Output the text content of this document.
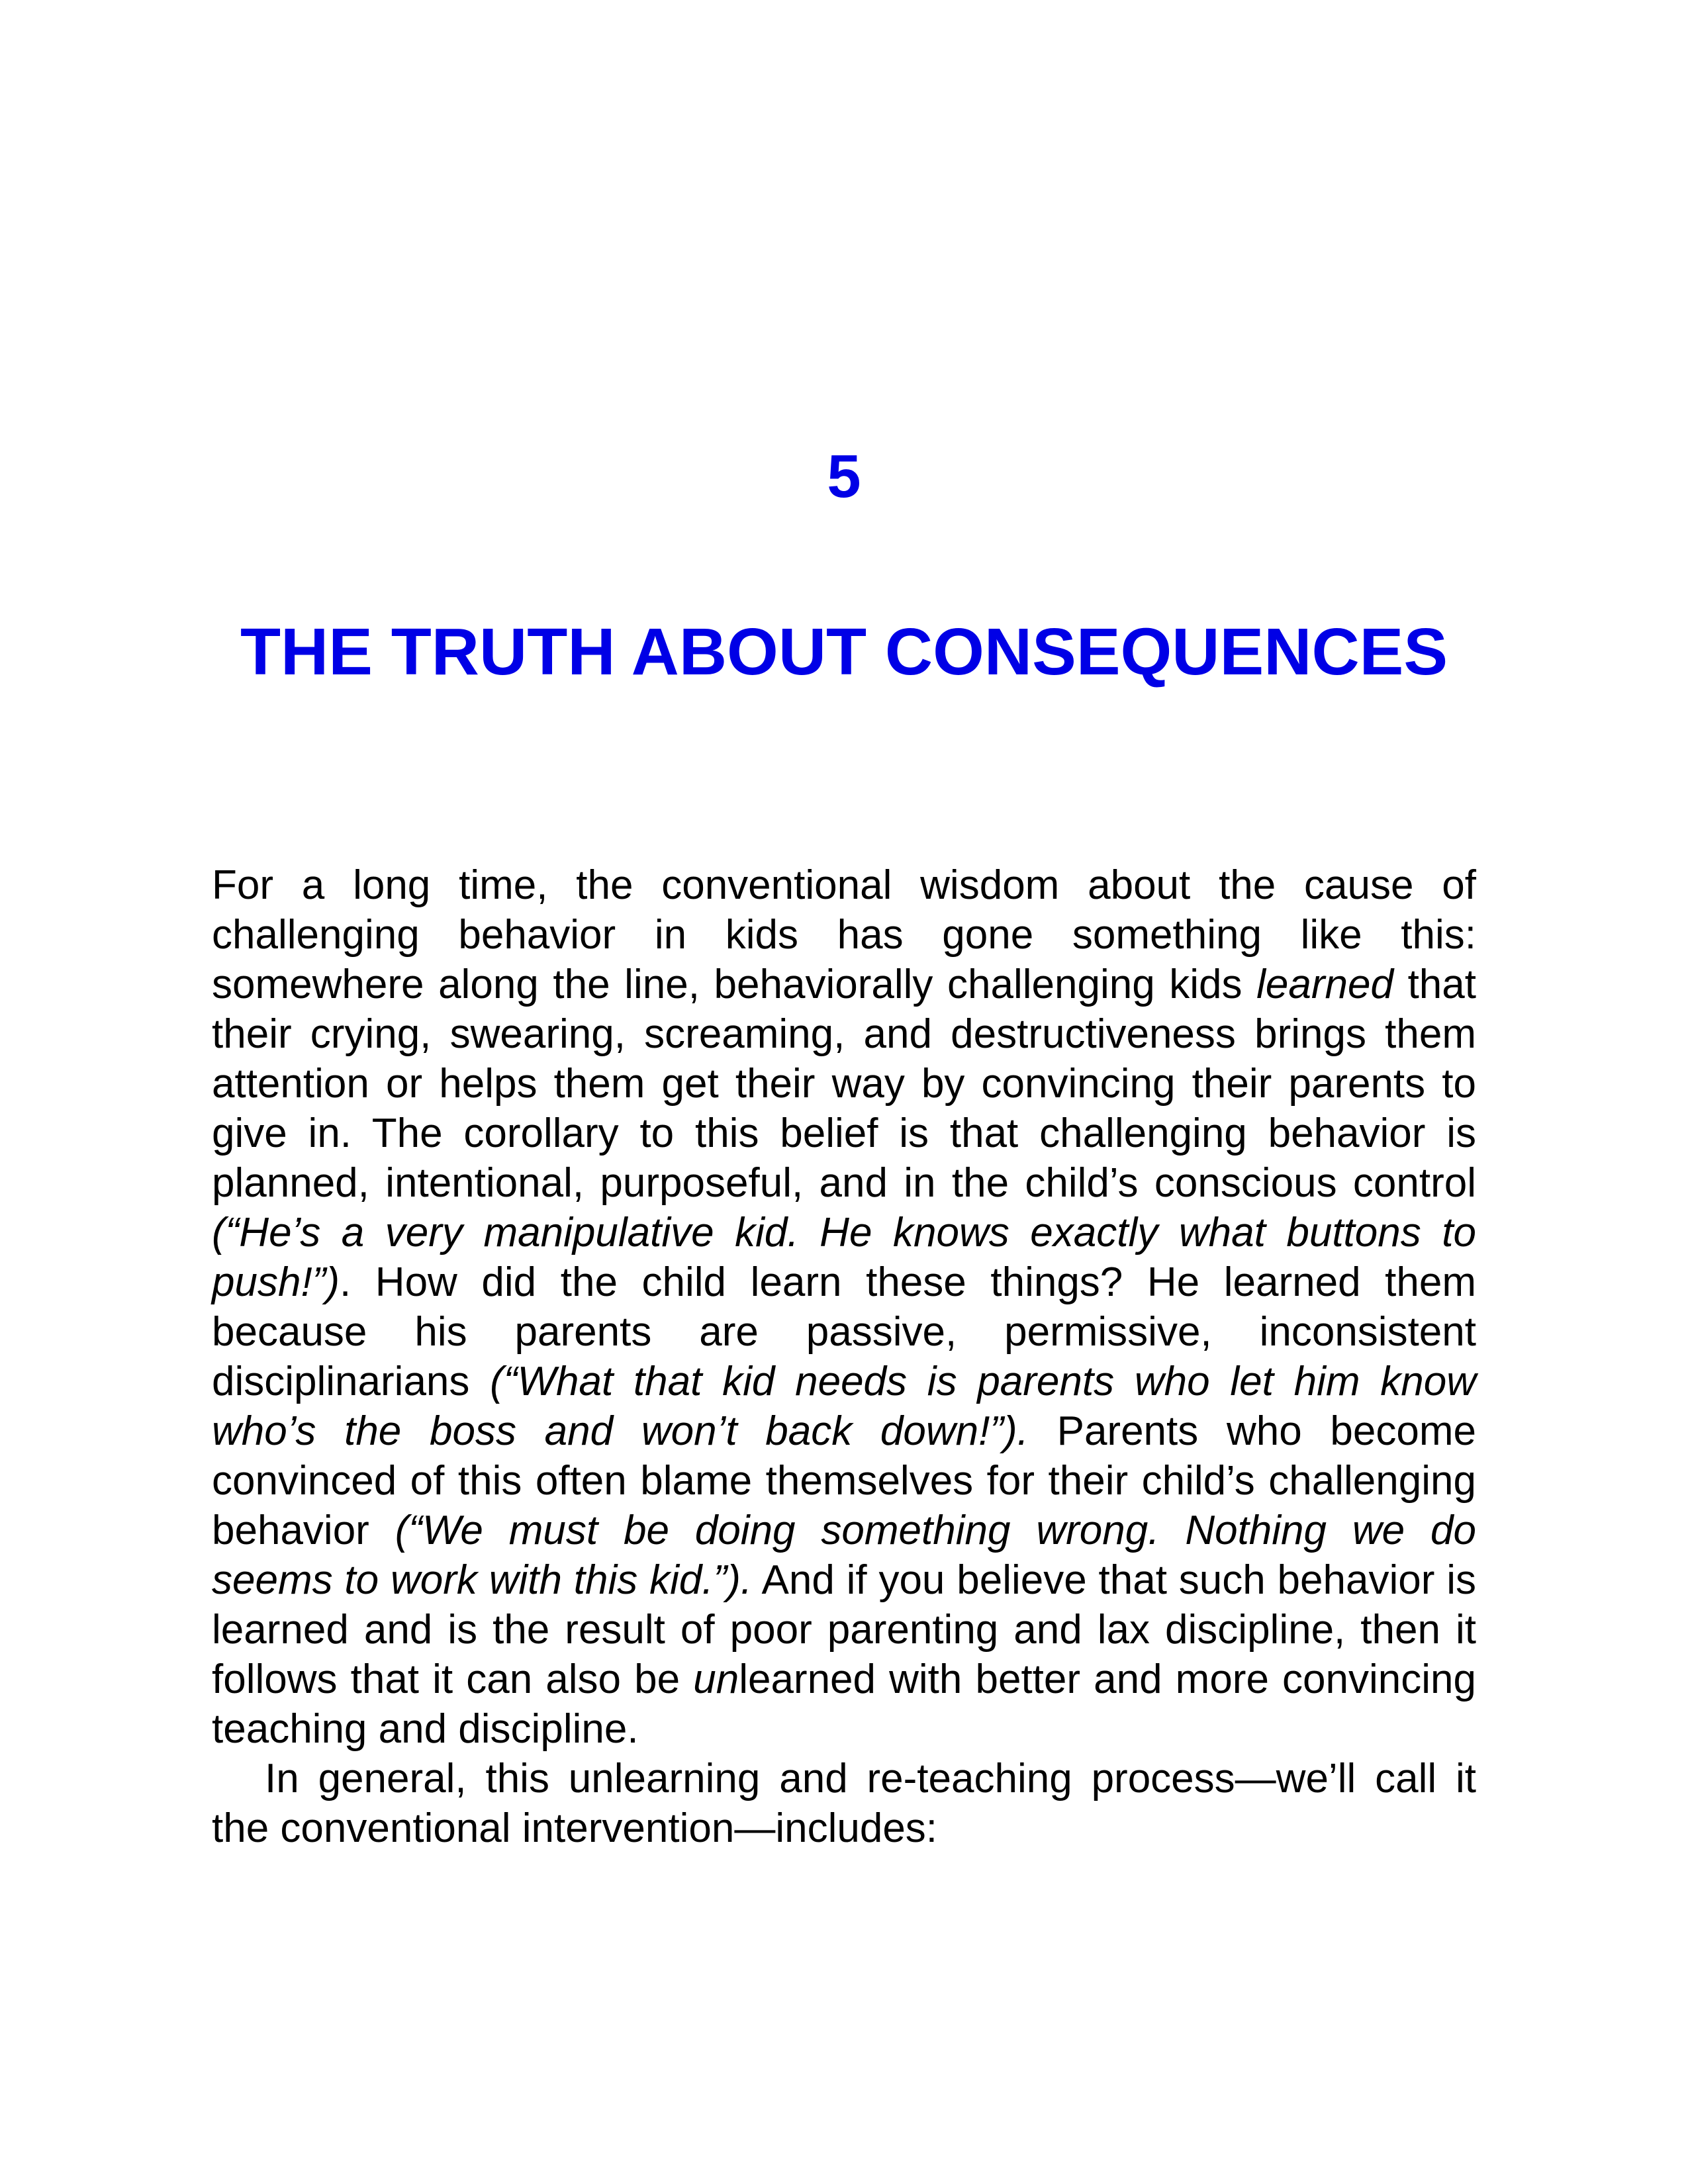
5
THE TRUTH ABOUT CONSEQUENCES

For a long time, the conventional wisdom about the cause of challenging behavior in kids has gone something like this: somewhere along the line, behaviorally challenging kids learned that their crying, swearing, screaming, and destructiveness brings them attention or helps them get their way by convincing their parents to give in. The corollary to this belief is that challenging behavior is planned, intentional, purposeful, and in the child’s conscious control (“He’s a very manipulative kid. He knows exactly what buttons to push!”). How did the child learn these things? He learned them because his parents are passive, permissive, inconsistent disciplinarians (“What that kid needs is parents who let him know who’s the boss and won’t back down!”). Parents who become convinced of this often blame themselves for their child’s challenging behavior (“We must be doing something wrong. Nothing we do seems to work with this kid.”). And if you believe that such behavior is learned and is the result of poor parenting and lax discipline, then it follows that it can also be unlearned with better and more convincing teaching and discipline.

In general, this unlearning and re-teaching process—we’ll call it the conventional intervention—includes:
